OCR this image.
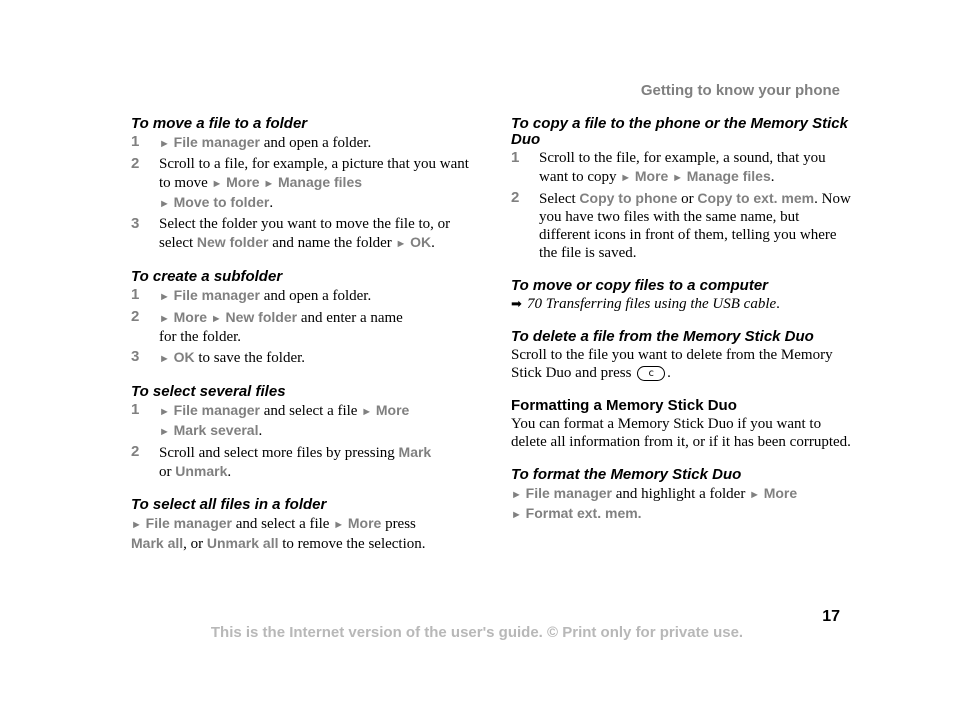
Getting to know your phone
To move a file to a folder
1	► File manager and open a folder.
2	Scroll to a file, for example, a picture that you want to move ► More ► Manage files
► Move to folder.
3	Select the folder you want to move the file to, or select New folder and name the folder ► OK.
To create a subfolder
1	► File manager and open a folder.
2	► More ► New folder and enter a name for the folder.
3	► OK to save the folder.
To select several files
1	► File manager and select a file ► More
► Mark several.
2	Scroll and select more files by pressing Mark
or Unmark.
To select all files in a folder
► File manager and select a file ► More press
Mark all, or Unmark all to remove the selection.
To copy a file to the phone or the Memory Stick Duo
1	Scroll to the file, for example, a sound, that you want to copy ► More ► Manage files.
2	Select Copy to phone or Copy to ext. mem. Now you have two files with the same name, but different icons in front of them, telling you where the file is saved.
To move or copy files to a computer
➡ 70 Transferring files using the USB cable.
To delete a file from the Memory Stick Duo
Scroll to the file you want to delete from the Memory Stick Duo and press c .
Formatting a Memory Stick Duo
You can format a Memory Stick Duo if you want to delete all information from it, or if it has been corrupted.
To format the Memory Stick Duo
► File manager and highlight a folder ► More
► Format ext. mem.
17
This is the Internet version of the user's guide. © Print only for private use.
